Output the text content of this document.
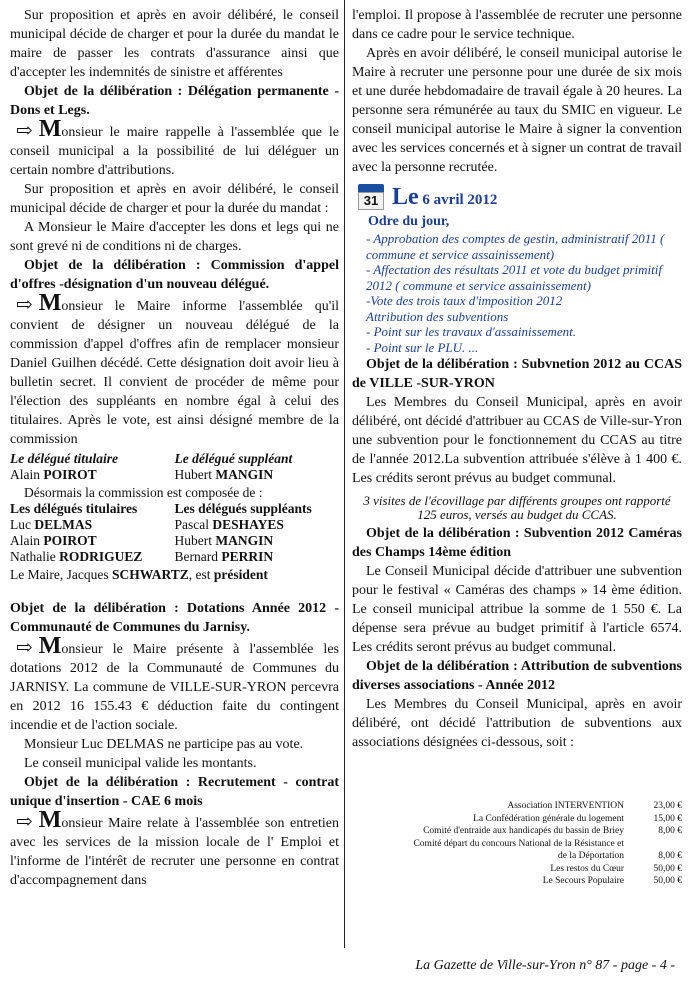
Sur proposition et après en avoir délibéré, le conseil municipal décide de charger et pour la durée du mandat le maire de passer les contrats d'assurance ainsi que d'accepter les indemnités de sinistre et afférentes

Objet de la délibération : Délégation permanente - Dons et Legs.

⇨ Monsieur le maire rappelle à l'assemblée que le conseil municipal a la possibilité de lui déléguer un certain nombre d'attributions.

Sur proposition et après en avoir délibéré, le conseil municipal décide de charger et pour la durée du mandat :

A Monsieur le Maire d'accepter les dons et legs qui ne sont grevé ni de conditions ni de charges.

Objet de la délibération : Commission d'appel d'offres -désignation d'un nouveau délégué.

⇨ Monsieur le Maire informe l'assemblée qu'il convient de désigner un nouveau délégué de la commission d'appel d'offres afin de remplacer monsieur Daniel Guilhen décédé. Cette désignation doit avoir lieu à bulletin secret. Il convient de procéder de même pour l'élection des suppléants en nombre égal à celui des titulaires. Après le vote, est ainsi désigné membre de la commission

Le délégué titulaire	Le délégué suppléant
Alain POIROT	Hubert MANGIN
Désormais la commission est composée de :
Les délégués titulaires	Les délégués suppléants
Luc DELMAS	Pascal DESHAYES
Alain POIROT	Hubert MANGIN
Nathalie RODRIGUEZ	Bernard PERRIN
Le Maire, Jacques SCHWARTZ, est président
Objet de la délibération : Dotations Année 2012 - Communauté de Communes du Jarnisy.

⇨ Monsieur le Maire présente à l'assemblée les dotations 2012 de la Communauté de Communes du JARNISY. La commune de VILLE-SUR-YRON percevra en 2012 16 155.43 € déduction faite du contingent incendie et de l'action sociale.

Monsieur Luc DELMAS ne participe pas au vote.

Le conseil municipal valide les montants.

Objet de la délibération : Recrutement - contrat unique d'insertion - CAE 6 mois

⇨ Monsieur Maire relate à l'assemblée son entretien avec les services de la mission locale de l' Emploi et l'informe de l'intérêt de recruter une personne en contrat d'accompagnement dans

l'emploi. Il propose à l'assemblée de recruter une personne dans ce cadre pour le service technique.

Après en avoir délibéré, le conseil municipal autorise le Maire à recruter une personne pour une durée de six mois et une durée hebdomadaire de travail égale à 20 heures. La personne sera rémunérée au taux du SMIC en vigueur. Le conseil municipal autorise le Maire à signer la convention avec les services concernés et à signer un contrat de travail avec la personne recrutée.

31 Le 6 avril 2012
Odre du jour,
- Approbation des comptes de gestin, administratif 2011 ( commune et service assainissement)
- Affectation des résultats 2011 et vote du budget primitif 2012 ( commune et service assainissement)
-Vote des trois taux d'imposition 2012
Attribution des subventions
- Point sur les travaux d'assainissement.
- Point sur le PLU. ...
Objet de la délibération : Subvnetion 2012 au CCAS de VILLE -SUR-YRON

Les Membres du Conseil Municipal, après en avoir délibéré, ont décidé d'attribuer au CCAS de Ville-sur-Yron une subvention pour le fonctionnement du CCAS au titre de l'année 2012.La subvention attribuée s'élève à 1 400 €. Les crédits seront prévus au budget communal.

3 visites de l'écovillage par différents groupes ont rapporté 125 euros, versés au budget du CCAS.
Objet de la délibération : Subvention 2012 Caméras des Champs 14ème édition

Le Conseil Municipal décide d'attribuer une subvention pour le festival « Caméras des champs » 14 ème édition. Le conseil municipal attribue la somme de 1 550 €. La dépense sera prévue au budget primitif à l'article 6574. Les crédits seront prévus au budget communal.

Objet de la délibération : Attribution de subventions diverses associations - Année 2012

Les Membres du Conseil Municipal, après en avoir délibéré, ont décidé l'attribution de subventions aux associations désignées ci-dessous, soit :

Association INTERVENTION	23,00 €
La Confédération générale du logement	15,00 €
Comité d'entraide aux handicapés du bassin de Briey	8,00 €
Comité départ du concours National de la Résistance et	
de la Déportation	8,00 €
Les restos du Cœur	50,00 €
Le Secours Populaire	50,00 €
La Gazette de Ville-sur-Yron n° 87 - page - 4 -
